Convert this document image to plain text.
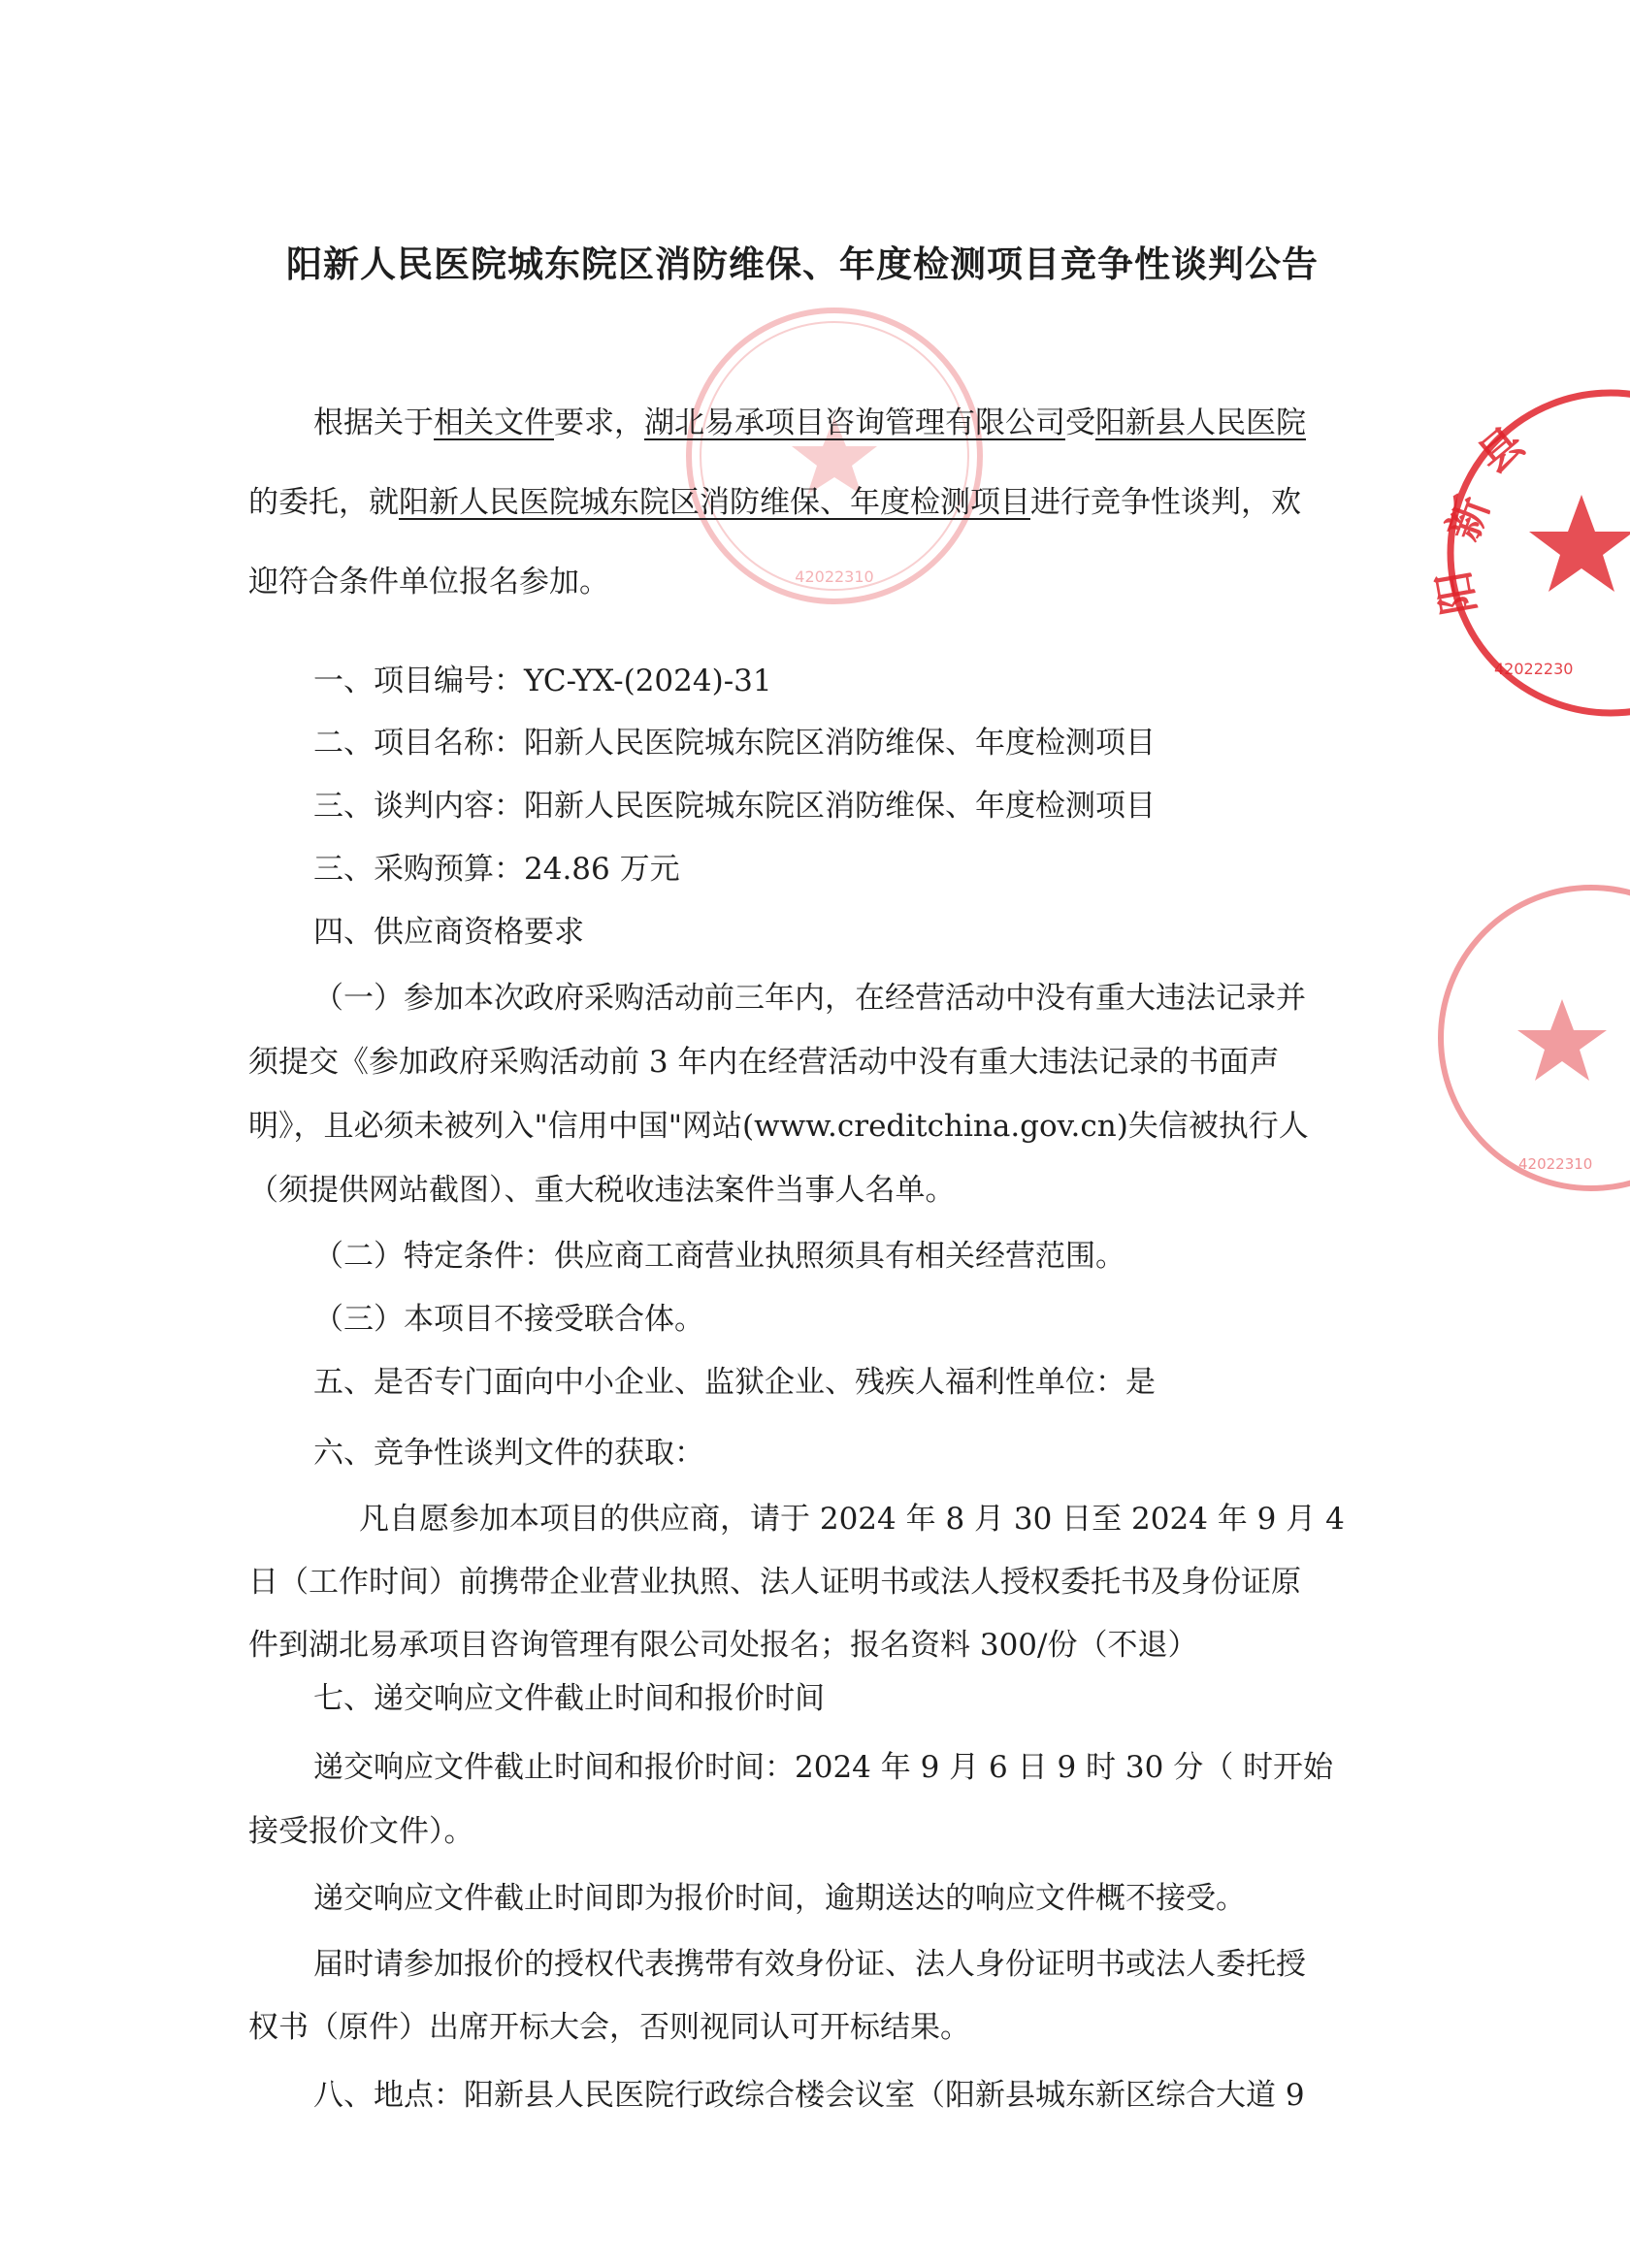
42022310
县
新
阳
42022230
42022310
阳新人民医院城东院区消防维保、年度检测项目竞争性谈判公告
根据关于相关文件要求，湖北易承项目咨询管理有限公司受阳新县人民医院
的委托，就阳新人民医院城东院区消防维保、年度检测项目进行竞争性谈判，欢
迎符合条件单位报名参加。
一、项目编号：YC-YX-(2024)-31
二、项目名称：阳新人民医院城东院区消防维保、年度检测项目
三、谈判内容：阳新人民医院城东院区消防维保、年度检测项目
三、采购预算：24.86 万元
四、供应商资格要求
（一）参加本次政府采购活动前三年内，在经营活动中没有重大违法记录并
须提交《参加政府采购活动前 3 年内在经营活动中没有重大违法记录的书面声
明》，且必须未被列入"信用中国"网站(www.creditchina.gov.cn)失信被执行人
（须提供网站截图）、重大税收违法案件当事人名单。
（二）特定条件：供应商工商营业执照须具有相关经营范围。
（三）本项目不接受联合体。
五、是否专门面向中小企业、监狱企业、残疾人福利性单位：是
六、竞争性谈判文件的获取：
凡自愿参加本项目的供应商，请于 2024 年 8 月 30 日至 2024 年 9 月 4
日（工作时间）前携带企业营业执照、法人证明书或法人授权委托书及身份证原
件到湖北易承项目咨询管理有限公司处报名；报名资料 300/份（不退）
七、递交响应文件截止时间和报价时间
递交响应文件截止时间和报价时间：2024 年 9 月 6 日 9 时 30 分（ 时开始
接受报价文件）。
递交响应文件截止时间即为报价时间，逾期送达的响应文件概不接受。
届时请参加报价的授权代表携带有效身份证、法人身份证明书或法人委托授
权书（原件）出席开标大会，否则视同认可开标结果。
八、地点：阳新县人民医院行政综合楼会议室（阳新县城东新区综合大道 9
